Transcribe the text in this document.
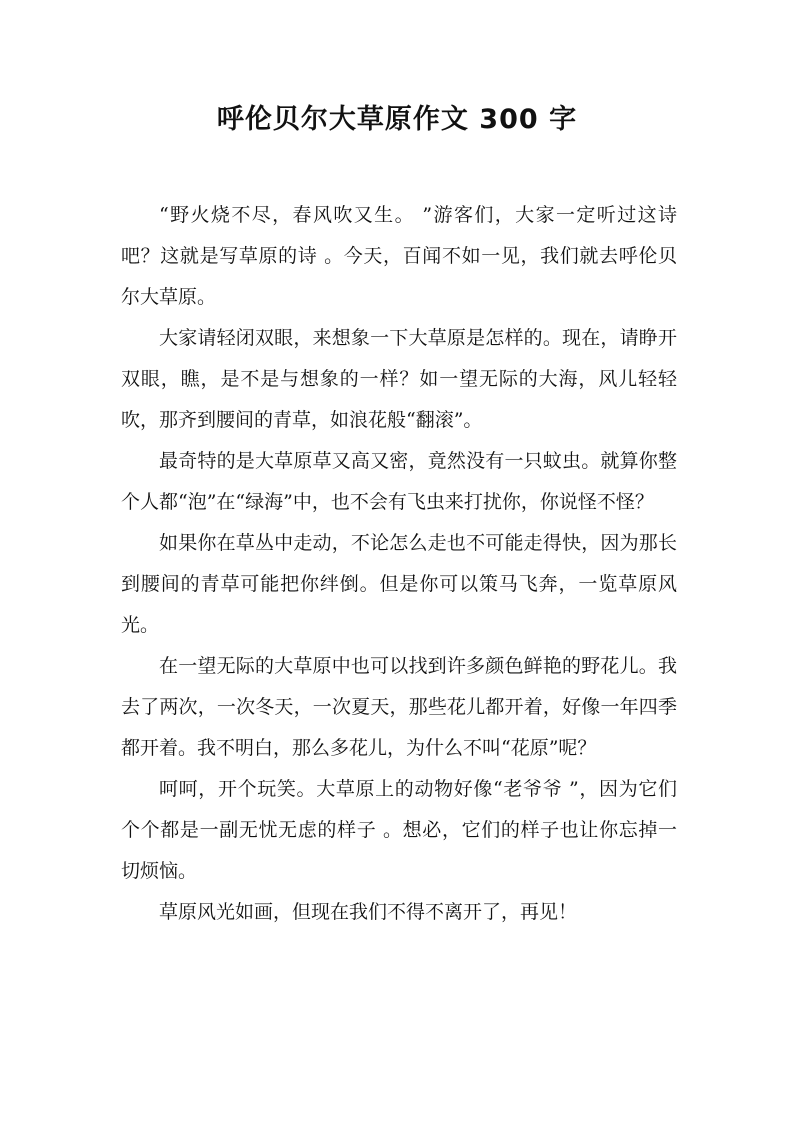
呼伦贝尔大草原作文 300 字

“野火烧不尽，春风吹又生。 ”游客们，大家一定听过这诗吧？这就是写草原的诗 。今天，百闻不如一见，我们就去呼伦贝尔大草原。

大家请轻闭双眼，来想象一下大草原是怎样的。现在，请睁开双眼，瞧，是不是与想象的一样？如一望无际的大海，风儿轻轻吹，那齐到腰间的青草，如浪花般“翻滚”。

最奇特的是大草原草又高又密，竟然没有一只蚊虫。就算你整个人都“泡”在“绿海”中，也不会有飞虫来打扰你，你说怪不怪？

如果你在草丛中走动，不论怎么走也不可能走得快，因为那长到腰间的青草可能把你绊倒。但是你可以策马飞奔，一览草原风光。

在一望无际的大草原中也可以找到许多颜色鲜艳的野花儿。我去了两次，一次冬天，一次夏天，那些花儿都开着，好像一年四季都开着。我不明白，那么多花儿，为什么不叫“花原”呢？

呵呵，开个玩笑。大草原上的动物好像“老爷爷 ”，因为它们个个都是一副无忧无虑的样子 。想必，它们的样子也让你忘掉一切烦恼。

草原风光如画，但现在我们不得不离开了，再见！
